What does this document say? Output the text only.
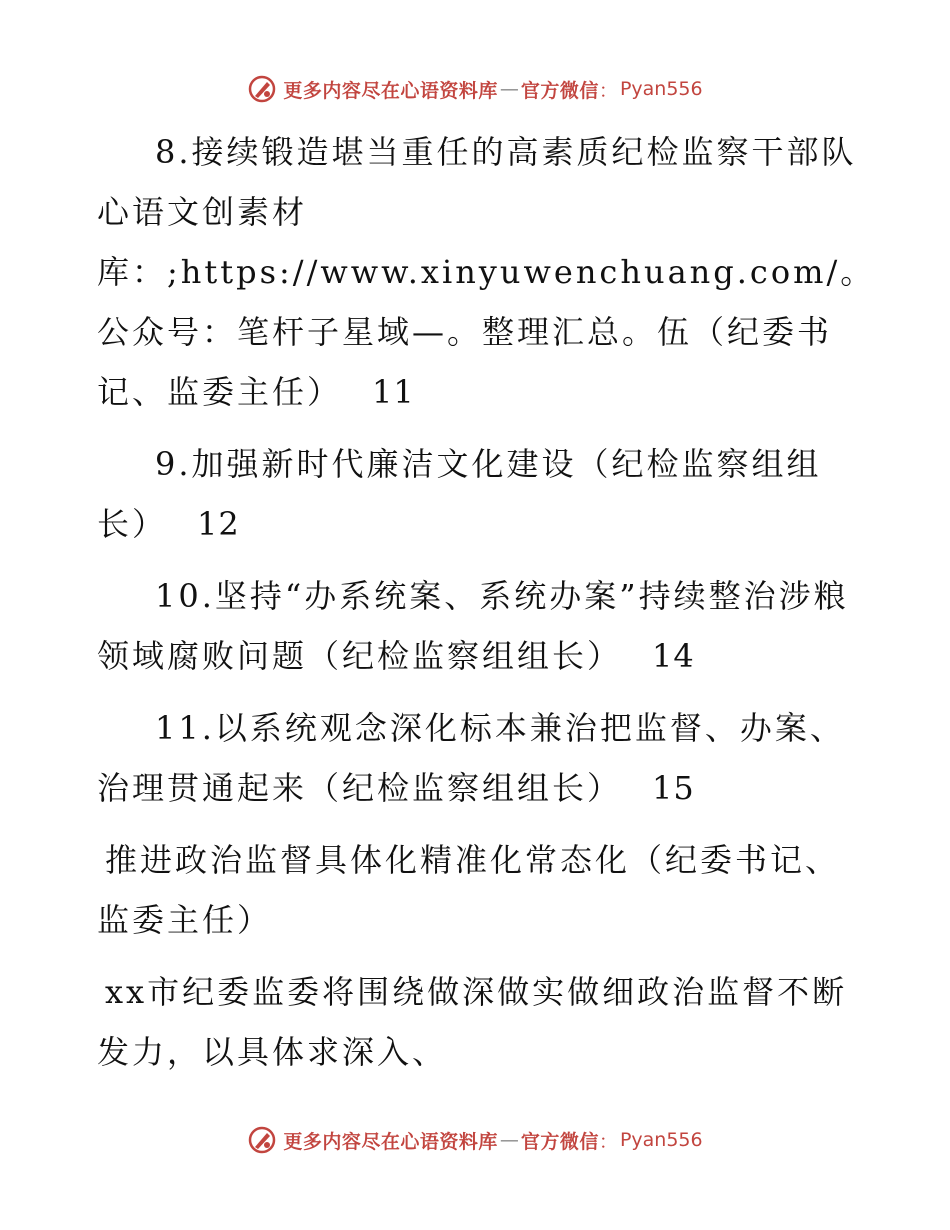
更多内容尽在心语资料库 — 官方微信 ： Pyan556

8.接续锻造堪当重任的高素质纪检监察干部队心语文创素材库：;https://www.xinyuwenchuang.com/。公众号：笔杆子星域—。整理汇总。伍（纪委书记、监委主任） 11

9.加强新时代廉洁文化建设（纪检监察组组长） 12

10.坚持“办系统案、系统办案”持续整治涉粮领域腐败问题（纪检监察组组长） 14

11.以系统观念深化标本兼治把监督、办案、治理贯通起来（纪检监察组组长） 15

推进政治监督具体化精准化常态化（纪委书记、监委主任）

xx市纪委监委将围绕做深做实做细政治监督不断发力，以具体求深入、

更多内容尽在心语资料库 — 官方微信 ： Pyan556
